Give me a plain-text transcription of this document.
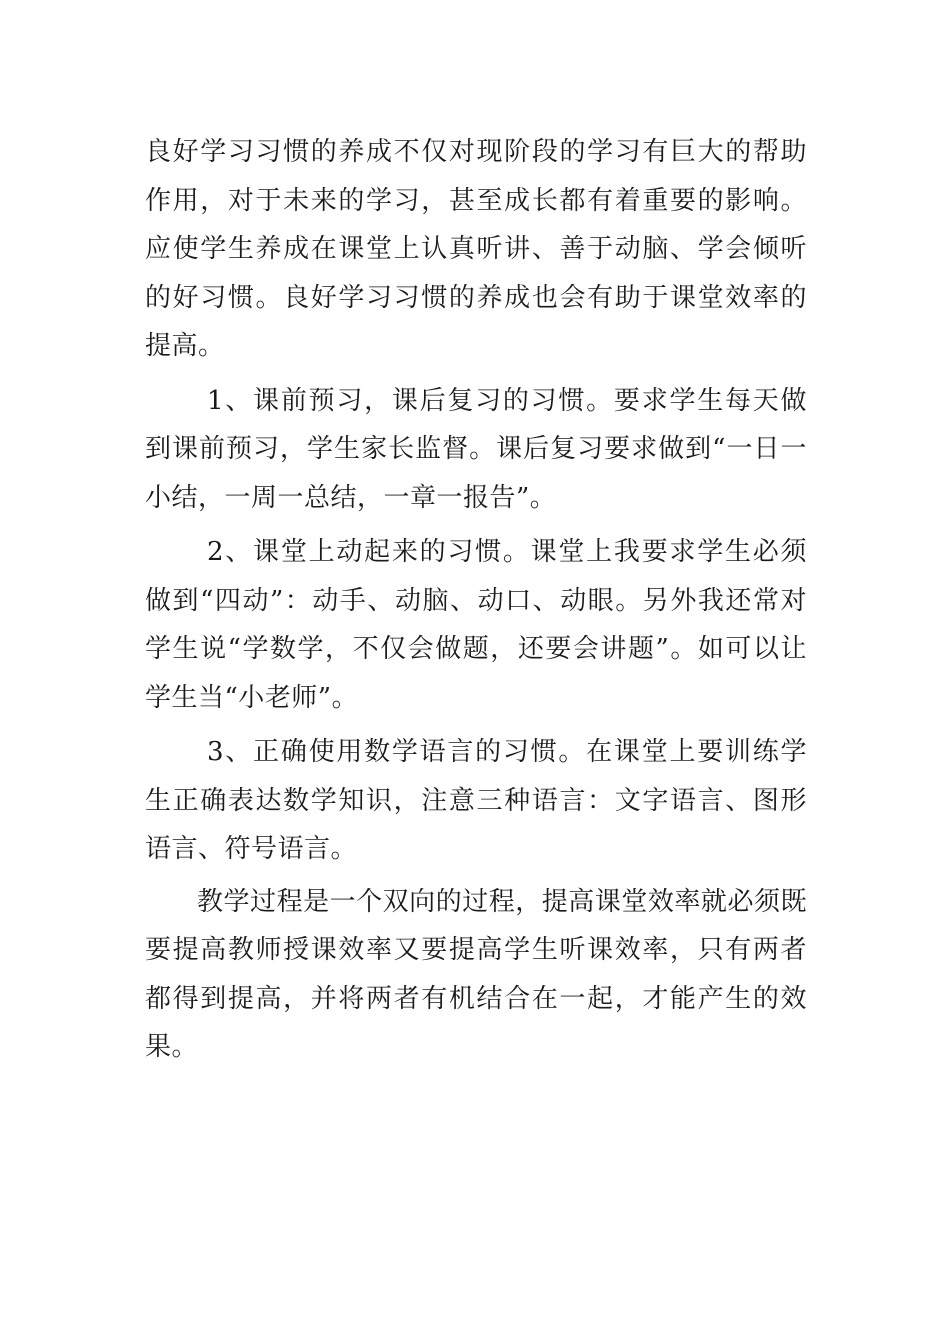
良好学习习惯的养成不仅对现阶段的学习有巨大的帮助作用，对于未来的学习，甚至成长都有着重要的影响。应使学生养成在课堂上认真听讲、善于动脑、学会倾听的好习惯。良好学习习惯的养成也会有助于课堂效率的提高。

1、课前预习，课后复习的习惯。要求学生每天做到课前预习，学生家长监督。课后复习要求做到“一日一小结，一周一总结，一章一报告”。

2、课堂上动起来的习惯。课堂上我要求学生必须做到“四动”：动手、动脑、动口、动眼。另外我还常对学生说“学数学，不仅会做题，还要会讲题”。如可以让学生当“小老师”。

3、正确使用数学语言的习惯。在课堂上要训练学生正确表达数学知识，注意三种语言：文字语言、图形语言、符号语言。

教学过程是一个双向的过程，提高课堂效率就必须既要提高教师授课效率又要提高学生听课效率，只有两者都得到提高，并将两者有机结合在一起，才能产生的效果。
